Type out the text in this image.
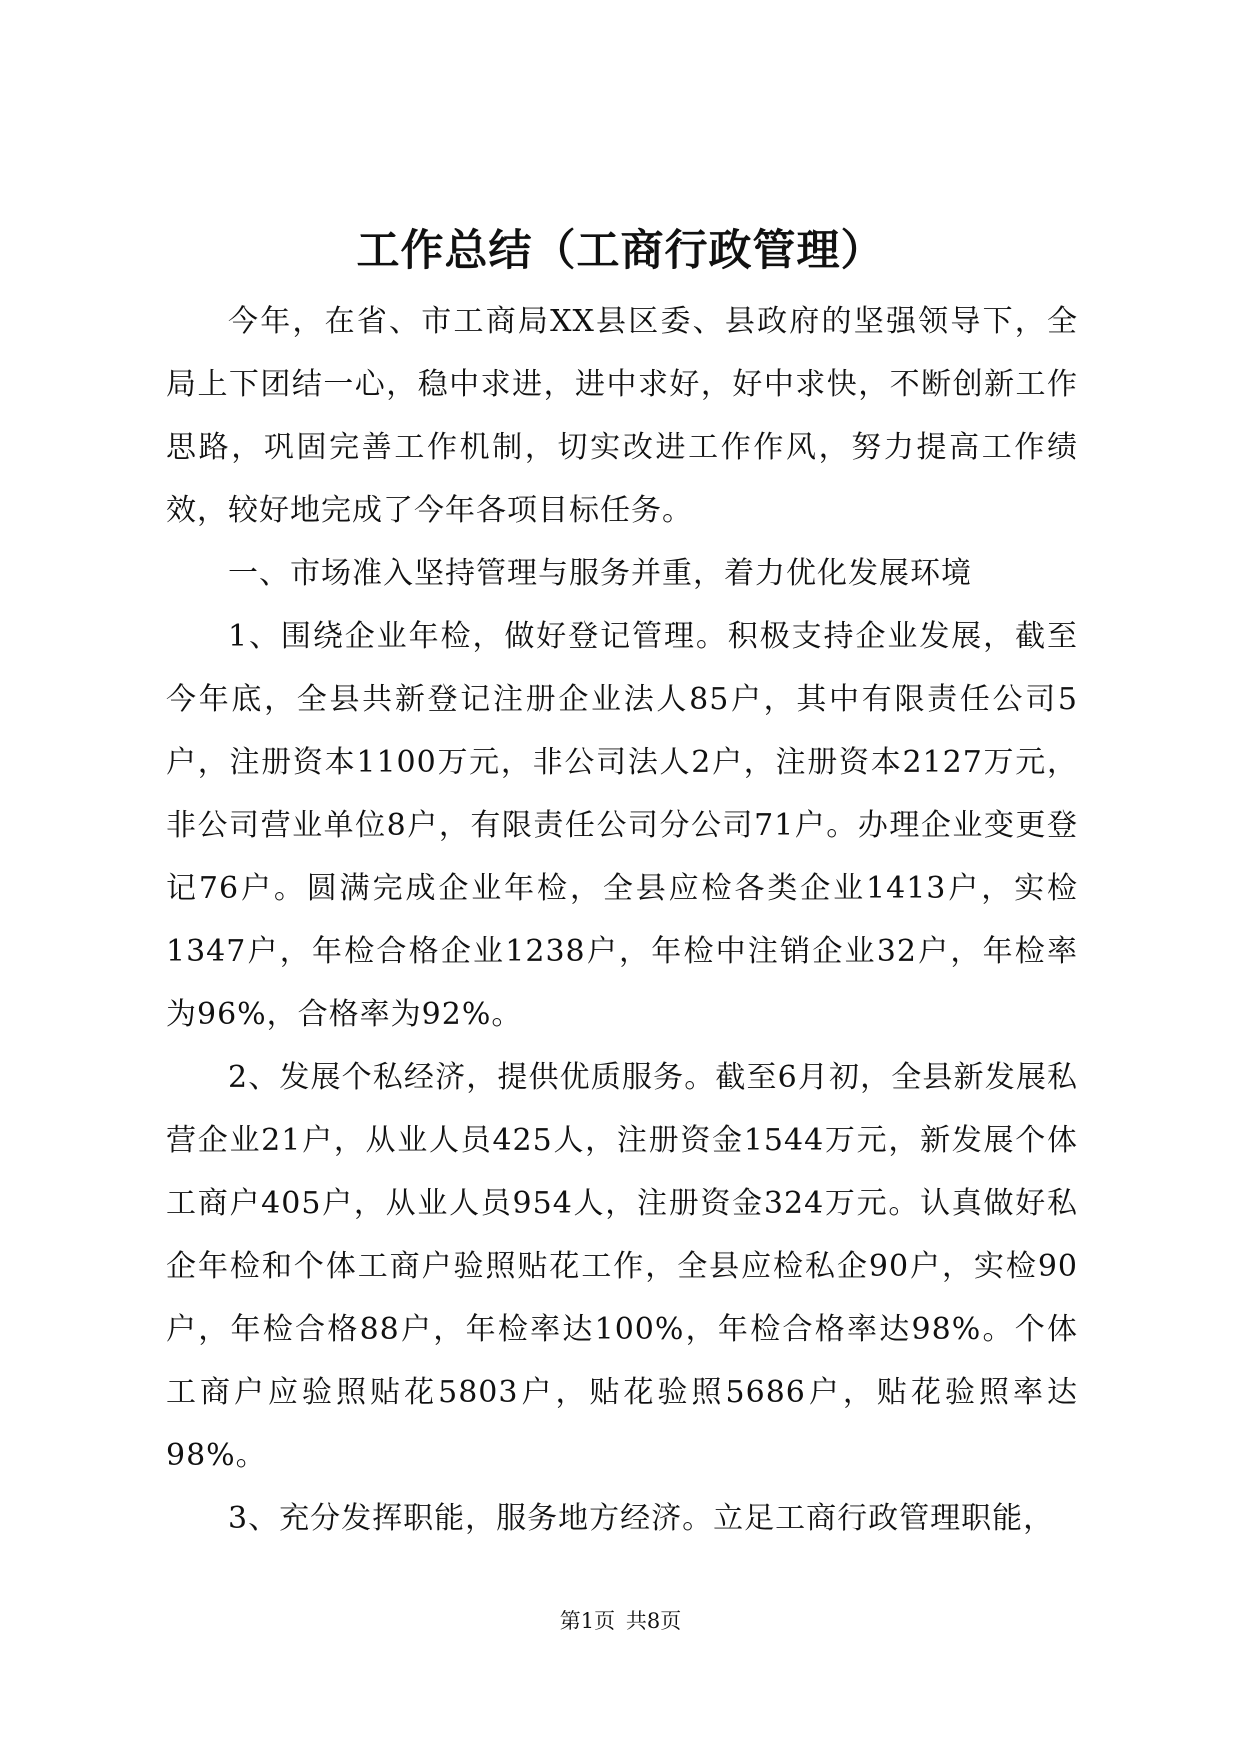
工作总结（工商行政管理）

今年，在省、市工商局XX县区委、县政府的坚强领导下，全局上下团结一心，稳中求进，进中求好，好中求快，不断创新工作思路，巩固完善工作机制，切实改进工作作风，努力提高工作绩效，较好地完成了今年各项目标任务。

一、市场准入坚持管理与服务并重，着力优化发展环境

1、围绕企业年检，做好登记管理。积极支持企业发展，截至今年底，全县共新登记注册企业法人85户，其中有限责任公司5户，注册资本1100万元，非公司法人2户，注册资本2127万元，非公司营业单位8户，有限责任公司分公司71户。办理企业变更登记76户。圆满完成企业年检，全县应检各类企业1413户，实检1347户，年检合格企业1238户，年检中注销企业32户，年检率为96%，合格率为92%。

2、发展个私经济，提供优质服务。截至6月初，全县新发展私营企业21户，从业人员425人，注册资金1544万元，新发展个体工商户405户，从业人员954人，注册资金324万元。认真做好私企年检和个体工商户验照贴花工作，全县应检私企90户，实检90户，年检合格88户，年检率达100%，年检合格率达98%。个体工商户应验照贴花5803户，贴花验照5686户，贴花验照率达98%。

3、充分发挥职能，服务地方经济。立足工商行政管理职能，

第1页 共8页
